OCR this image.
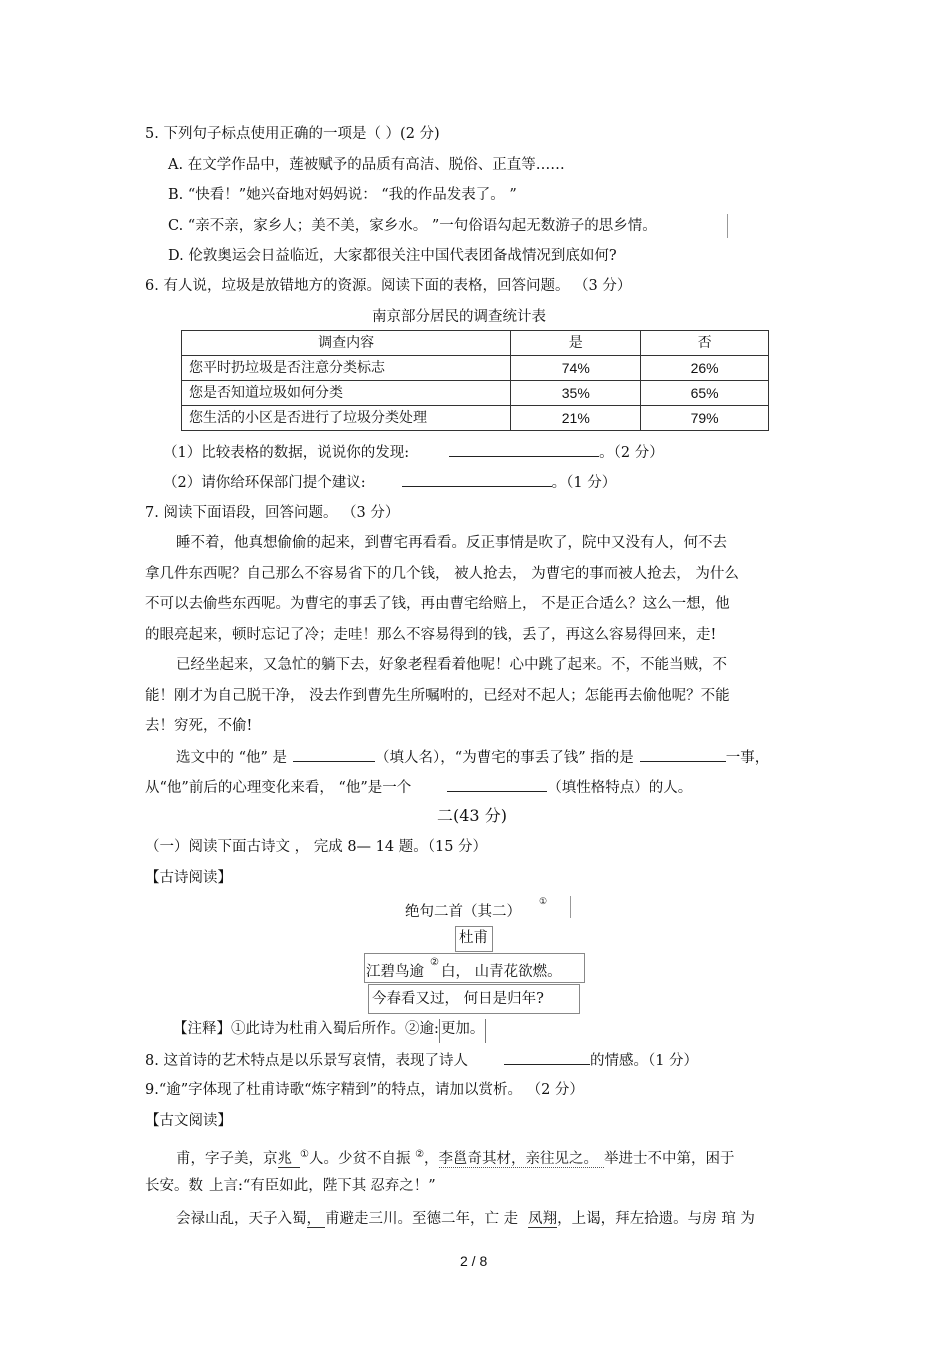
5. 下列句子标点使用正确的一项是（ ）(2 分)
A. 在文学作品中，莲被赋予的品质有高洁、脱俗、正直等……
B. “快看！”她兴奋地对妈妈说： “我的作品发表了。 ”
C. “亲不亲，家乡人；美不美，家乡水。 ”一句俗语勾起无数游子的思乡情。
D. 伦敦奥运会日益临近，大家都很关注中国代表团备战情况到底如何?
6. 有人说，垃圾是放错地方的资源。阅读下面的表格，回答问题。 （3 分）
南京部分居民的调查统计表
调查内容	是	否
您平时扔垃圾是否注意分类标志	74%	26%
您是否知道垃圾如何分类	35%	65%
您生活的小区是否进行了垃圾分类处理	21%	79%
（1）比较表格的数据，说说你的发现:	。（2 分）
（2）请你给环保部门提个建议:	。（1 分）
7. 阅读下面语段，回答问题。 （3 分）
睡不着，他真想偷偷的起来，到曹宅再看看。反正事情是吹了，院中又没有人，何不去
拿几件东西呢？自己那么不容易省下的几个钱， 被人抢去， 为曹宅的事而被人抢去， 为什么
不可以去偷些东西呢。为曹宅的事丢了钱，再由曹宅给赔上， 不是正合适么？这么一想，他
的眼亮起来，顿时忘记了冷；走哇！那么不容易得到的钱，丢了，再这么容易得回来，走!
已经坐起来，又急忙的躺下去，好象老程看着他呢！心中跳了起来。不，不能当贼，不
能！刚才为自己脱干净， 没去作到曹先生所嘱咐的，已经对不起人；怎能再去偷他呢？不能
去！穷死，不偷!
选文中的 “他” 是	（填人名），“为曹宅的事丢了钱” 指的是	一事，
从“他”前后的心理变化来看， “他”是一个	（填性格特点）的人。
二(43 分)
（一）阅读下面古诗文 ， 完成 8— 14 题。（15 分）
【古诗阅读】
绝句二首（其二）①
杜甫
江碧鸟逾②白， 山青花欲燃。
今春看又过， 何日是归年?
【注释】①此诗为杜甫入蜀后所作。②逾: 更加。
8. 这首诗的艺术特点是以乐景写哀情，表现了诗人	的情感。（1 分）
9.“逾”字体现了杜甫诗歌“炼字精到”的特点，请加以赏析。 （2 分）
【古文阅读】
甫，字子美，京兆 ①人。少贫不自振 ②，李邕奇其材，亲往见之。 举进士不中第，困于
长安。数 上言:“有臣如此，陛下其 忍弃之！”
会禄山乱，天子入蜀， 甫避走三川。至德二年，亡 走 凤翔，上谒，拜左拾遗。与房 琯 为
2 / 8
